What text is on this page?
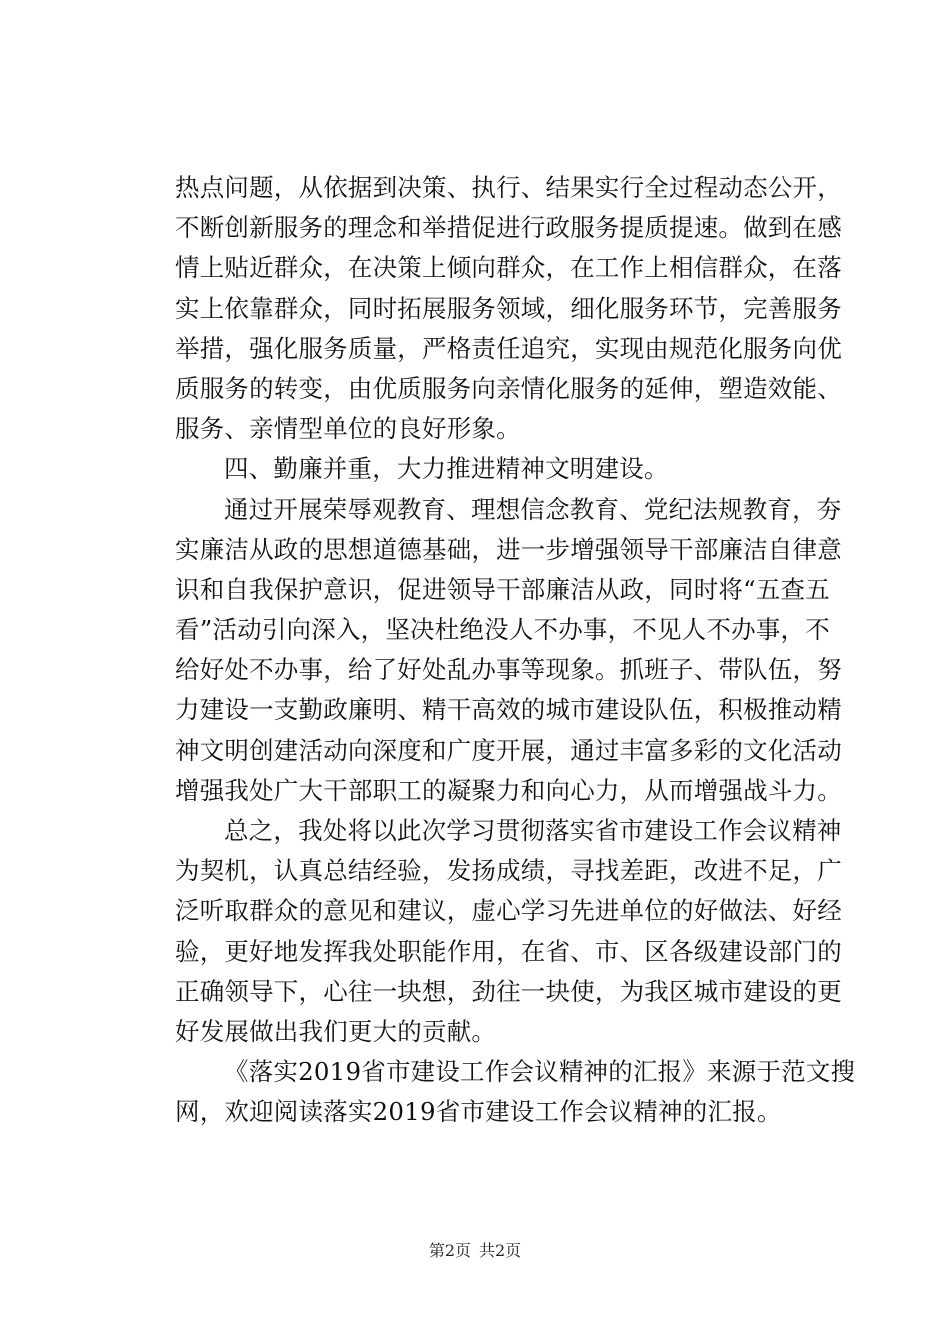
热点问题，从依据到决策、执行、结果实行全过程动态公开，
不断创新服务的理念和举措促进行政服务提质提速。做到在感
情上贴近群众，在决策上倾向群众，在工作上相信群众，在落
实上依靠群众，同时拓展服务领域，细化服务环节，完善服务
举措，强化服务质量，严格责任追究，实现由规范化服务向优
质服务的转变，由优质服务向亲情化服务的延伸，塑造效能、
服务、亲情型单位的良好形象。
四、勤廉并重，大力推进精神文明建设。
通过开展荣辱观教育、理想信念教育、党纪法规教育，夯
实廉洁从政的思想道德基础，进一步增强领导干部廉洁自律意
识和自我保护意识，促进领导干部廉洁从政，同时将“五查五
看”活动引向深入，坚决杜绝没人不办事，不见人不办事，不
给好处不办事，给了好处乱办事等现象。抓班子、带队伍，努
力建设一支勤政廉明、精干高效的城市建设队伍，积极推动精
神文明创建活动向深度和广度开展，通过丰富多彩的文化活动
增强我处广大干部职工的凝聚力和向心力，从而增强战斗力。
总之，我处将以此次学习贯彻落实省市建设工作会议精神
为契机，认真总结经验，发扬成绩，寻找差距，改进不足，广
泛听取群众的意见和建议，虚心学习先进单位的好做法、好经
验，更好地发挥我处职能作用，在省、市、区各级建设部门的
正确领导下，心往一块想，劲往一块使，为我区城市建设的更
好发展做出我们更大的贡献。
《落实2019省市建设工作会议精神的汇报》来源于范文搜
网，欢迎阅读落实2019省市建设工作会议精神的汇报。
第2页 共2页
